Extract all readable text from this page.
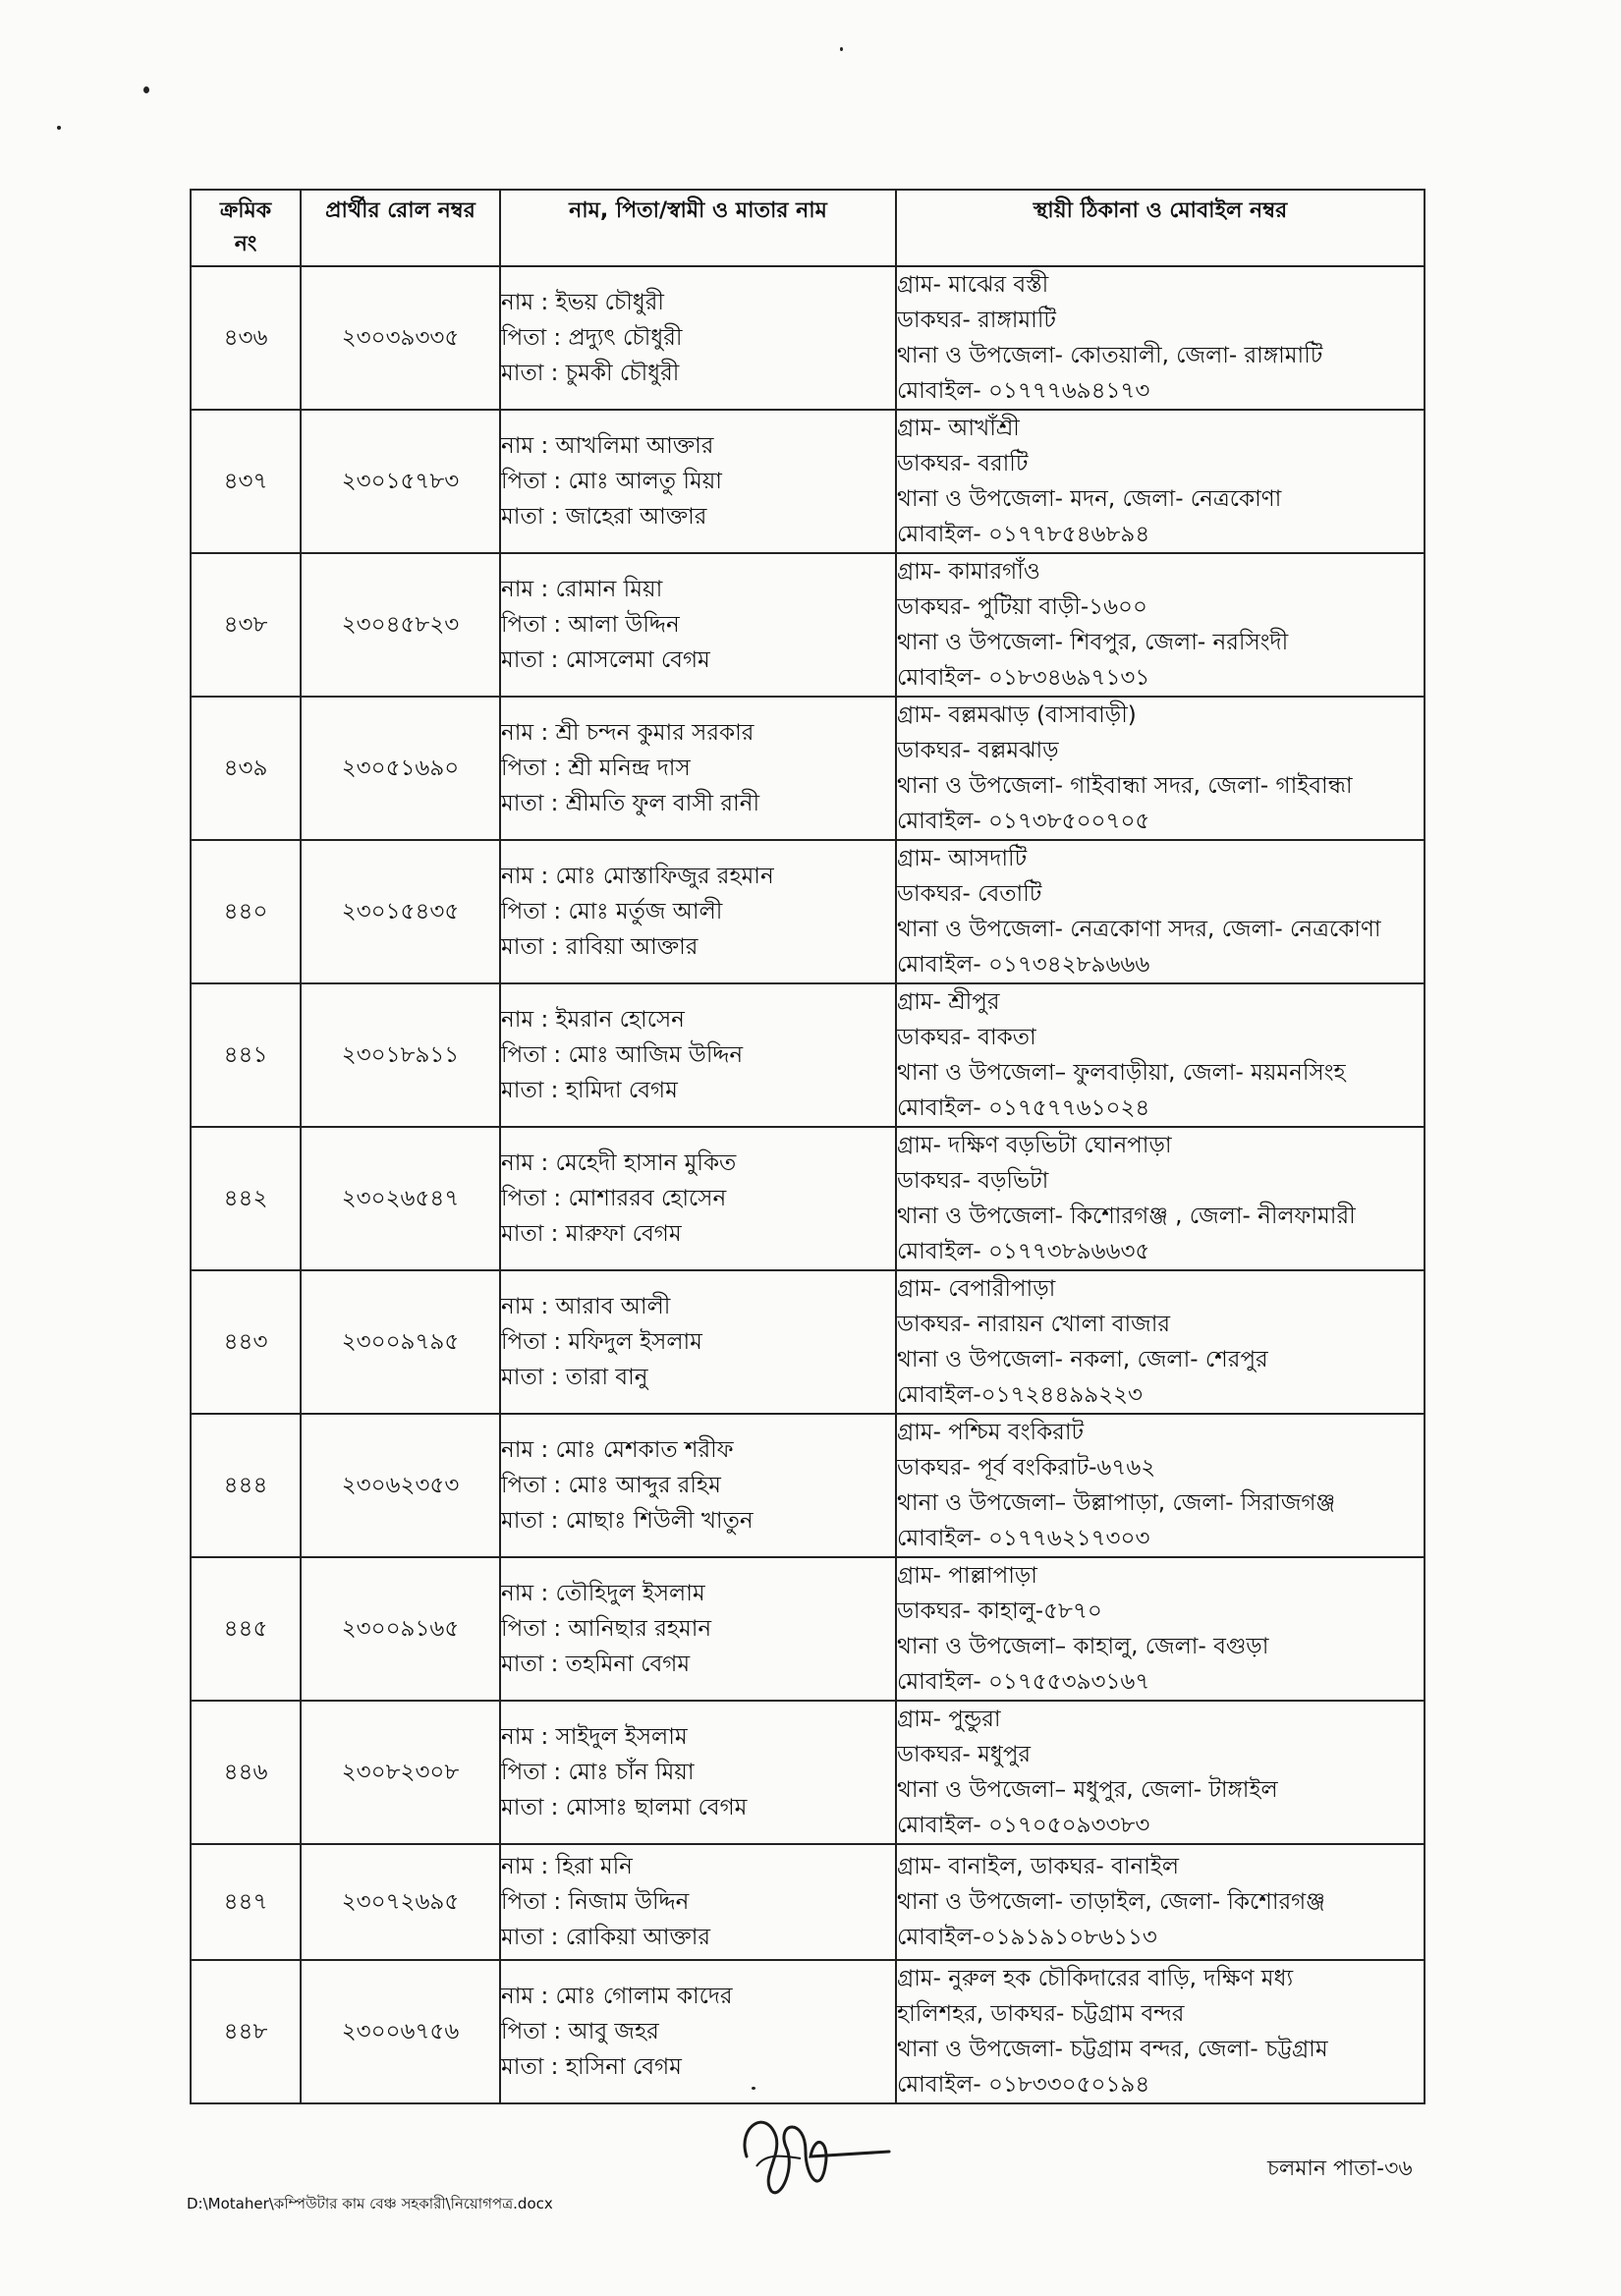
ক্রমিক
নং	প্রার্থীর রোল নম্বর	নাম, পিতা/স্বামী ও মাতার নাম	স্থায়ী ঠিকানা ও মোবাইল নম্বর
৪৩৬	২৩০৩৯৩৩৫	নাম : ইভয় চৌধুরী
পিতা : প্রদ্যুৎ চৌধুরী
মাতা : চুমকী চৌধুরী	গ্রাম- মাঝের বস্তী
ডাকঘর- রাঙ্গামাটি
থানা ও উপজেলা- কোতয়ালী, জেলা- রাঙ্গামাটি
মোবাইল- ০১৭৭৭৬৯৪১৭৩

৪৩৭	২৩০১৫৭৮৩	নাম : আখলিমা আক্তার
পিতা : মোঃ আলতু মিয়া
মাতা : জাহেরা আক্তার	গ্রাম- আখাঁশ্রী
ডাকঘর- বরাটি
থানা ও উপজেলা- মদন, জেলা- নেত্রকোণা
মোবাইল- ০১৭৭৮৫৪৬৮৯৪

৪৩৮	২৩০৪৫৮২৩	নাম : রোমান মিয়া
পিতা : আলা উদ্দিন
মাতা : মোসলেমা বেগম	গ্রাম- কামারগাঁও
ডাকঘর- পুটিয়া বাড়ী-১৬০০
থানা ও উপজেলা- শিবপুর, জেলা- নরসিংদী
মোবাইল- ০১৮৩৪৬৯৭১৩১

৪৩৯	২৩০৫১৬৯০	নাম : শ্রী চন্দন কুমার সরকার
পিতা : শ্রী মনিন্দ্র দাস
মাতা : শ্রীমতি ফুল বাসী রানী	গ্রাম- বল্লমঝাড় (বাসাবাড়ী)
ডাকঘর- বল্লমঝাড়
থানা ও উপজেলা- গাইবান্ধা সদর, জেলা- গাইবান্ধা
মোবাইল- ০১৭৩৮৫০০৭০৫

৪৪০	২৩০১৫৪৩৫	নাম : মোঃ মোস্তাফিজুর রহমান
পিতা : মোঃ মর্তুজ আলী
মাতা : রাবিয়া আক্তার	গ্রাম- আসদাটি
ডাকঘর- বেতাটি
থানা ও উপজেলা- নেত্রকোণা সদর, জেলা- নেত্রকোণা
মোবাইল- ০১৭৩৪২৮৯৬৬৬

৪৪১	২৩০১৮৯১১	নাম : ইমরান হোসেন
পিতা : মোঃ আজিম উদ্দিন
মাতা : হামিদা বেগম	গ্রাম- শ্রীপুর
ডাকঘর- বাকতা
থানা ও উপজেলা– ফুলবাড়ীয়া, জেলা- ময়মনসিংহ
মোবাইল- ০১৭৫৭৭৬১০২৪

৪৪২	২৩০২৬৫৪৭	নাম : মেহেদী হাসান মুকিত
পিতা : মোশাররব হোসেন
মাতা : মারুফা বেগম	গ্রাম- দক্ষিণ বড়ভিটা ঘোনপাড়া
ডাকঘর- বড়ভিটা
থানা ও উপজেলা- কিশোরগঞ্জ , জেলা- নীলফামারী
মোবাইল- ০১৭৭৩৮৯৬৬৩৫

৪৪৩	২৩০০৯৭৯৫	নাম : আরাব আলী
পিতা : মফিদুল ইসলাম
মাতা : তারা বানু	গ্রাম- বেপারীপাড়া
ডাকঘর- নারায়ন খোলা বাজার
থানা ও উপজেলা- নকলা, জেলা- শেরপুর
মোবাইল-০১৭২৪৪৯৯২২৩

৪৪৪	২৩০৬২৩৫৩	নাম : মোঃ মেশকাত শরীফ
পিতা : মোঃ আব্দুর রহিম
মাতা : মোছাঃ শিউলী খাতুন	গ্রাম- পশ্চিম বংকিরাট
ডাকঘর- পূর্ব বংকিরাট-৬৭৬২
থানা ও উপজেলা– উল্লাপাড়া, জেলা- সিরাজগঞ্জ
মোবাইল- ০১৭৭৬২১৭৩০৩

৪৪৫	২৩০০৯১৬৫	নাম : তৌহিদুল ইসলাম
পিতা : আনিছার রহমান
মাতা : তহমিনা বেগম	গ্রাম- পাল্লাপাড়া
ডাকঘর- কাহালু-৫৮৭০
থানা ও উপজেলা– কাহালু, জেলা- বগুড়া
মোবাইল- ০১৭৫৫৩৯৩১৬৭

৪৪৬	২৩০৮২৩০৮	নাম : সাইদুল ইসলাম
পিতা : মোঃ চাঁন মিয়া
মাতা : মোসাঃ ছালমা বেগম	গ্রাম- পুন্ডুরা
ডাকঘর- মধুপুর
থানা ও উপজেলা– মধুপুর, জেলা- টাঙ্গাইল
মোবাইল- ০১৭০৫০৯৩৩৮৩

৪৪৭	২৩০৭২৬৯৫	নাম : হিরা মনি
পিতা : নিজাম উদ্দিন
মাতা : রোকিয়া আক্তার	গ্রাম- বানাইল, ডাকঘর- বানাইল
থানা ও উপজেলা- তাড়াইল, জেলা- কিশোরগঞ্জ
মোবাইল-০১৯১৯১০৮৬১১৩

৪৪৮	২৩০০৬৭৫৬	নাম : মোঃ গোলাম কাদের
পিতা : আবু জহর
মাতা : হাসিনা বেগম	গ্রাম- নুরুল হক চৌকিদারের বাড়ি, দক্ষিণ মধ্য
হালিশহর, ডাকঘর- চট্টগ্রাম বন্দর
থানা ও উপজেলা- চট্টগ্রাম বন্দর, জেলা- চট্টগ্রাম
মোবাইল- ০১৮৩৩০৫০১৯৪
চলমান পাতা-৩৬
D:\Motaher\কম্পিউটার কাম বেঞ্চ সহকারী\নিয়োগপত্র.docx
